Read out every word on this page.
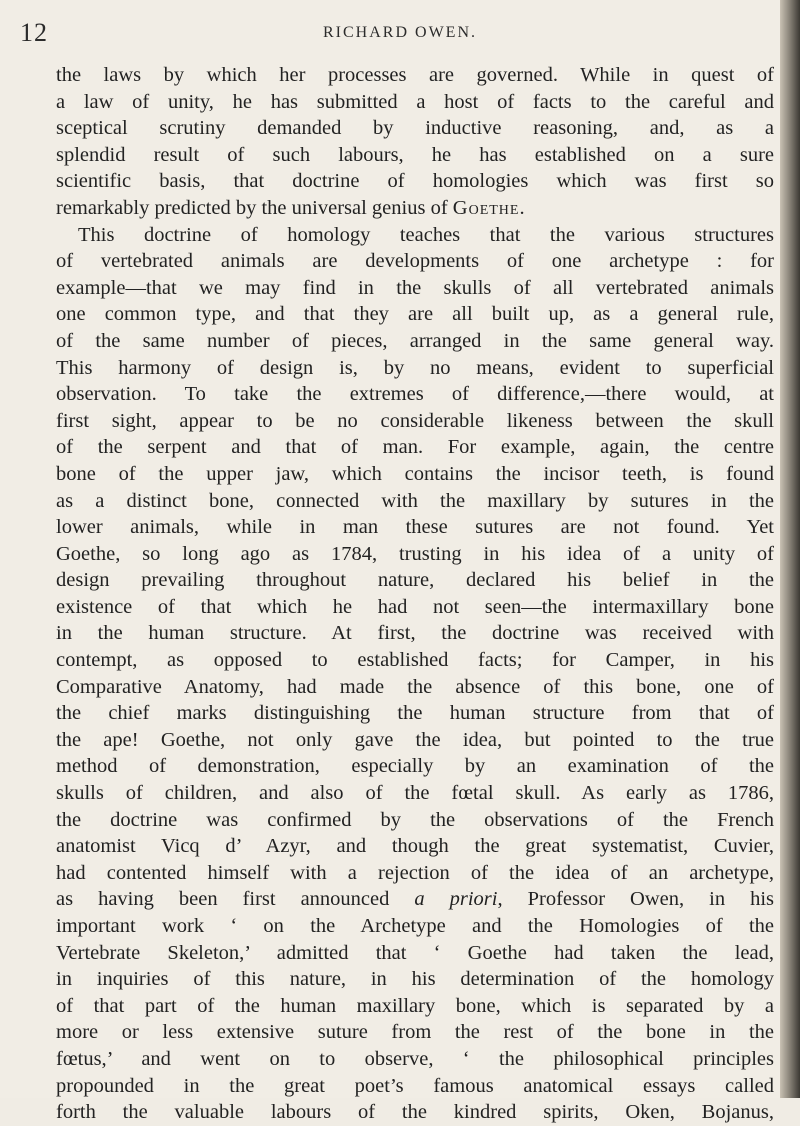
12	RICHARD OWEN.
the laws by which her processes are governed. While in quest of
a law of unity, he has submitted a host of facts to the careful and
sceptical scrutiny demanded by inductive reasoning, and, as a
splendid result of such labours, he has established on a sure
scientific basis, that doctrine of homologies which was first so
remarkably predicted by the universal genius of Goethe.
This doctrine of homology teaches that the various structures
of vertebrated animals are developments of one archetype : for
example—that we may find in the skulls of all vertebrated animals
one common type, and that they are all built up, as a general rule,
of the same number of pieces, arranged in the same general way.
This harmony of design is, by no means, evident to superficial
observation. To take the extremes of difference,—there would, at
first sight, appear to be no considerable likeness between the skull
of the serpent and that of man. For example, again, the centre
bone of the upper jaw, which contains the incisor teeth, is found
as a distinct bone, connected with the maxillary by sutures in the
lower animals, while in man these sutures are not found. Yet
Goethe, so long ago as 1784, trusting in his idea of a unity of
design prevailing throughout nature, declared his belief in the
existence of that which he had not seen—the intermaxillary bone
in the human structure. At first, the doctrine was received with
contempt, as opposed to established facts; for Camper, in his
Comparative Anatomy, had made the absence of this bone, one of
the chief marks distinguishing the human structure from that of
the ape! Goethe, not only gave the idea, but pointed to the true
method of demonstration, especially by an examination of the
skulls of children, and also of the fœtal skull. As early as 1786,
the doctrine was confirmed by the observations of the French
anatomist Vicq d’ Azyr, and though the great systematist, Cuvier,
had contented himself with a rejection of the idea of an archetype,
as having been first announced a priori, Professor Owen, in his
important work ‘ on the Archetype and the Homologies of the
Vertebrate Skeleton,’ admitted that ‘ Goethe had taken the lead,
in inquiries of this nature, in his determination of the homology
of that part of the human maxillary bone, which is separated by a
more or less extensive suture from the rest of the bone in the
fœtus,’ and went on to observe, ‘ the philosophical principles
propounded in the great poet’s famous anatomical essays called
forth the valuable labours of the kindred spirits, Oken, Bojanus,
